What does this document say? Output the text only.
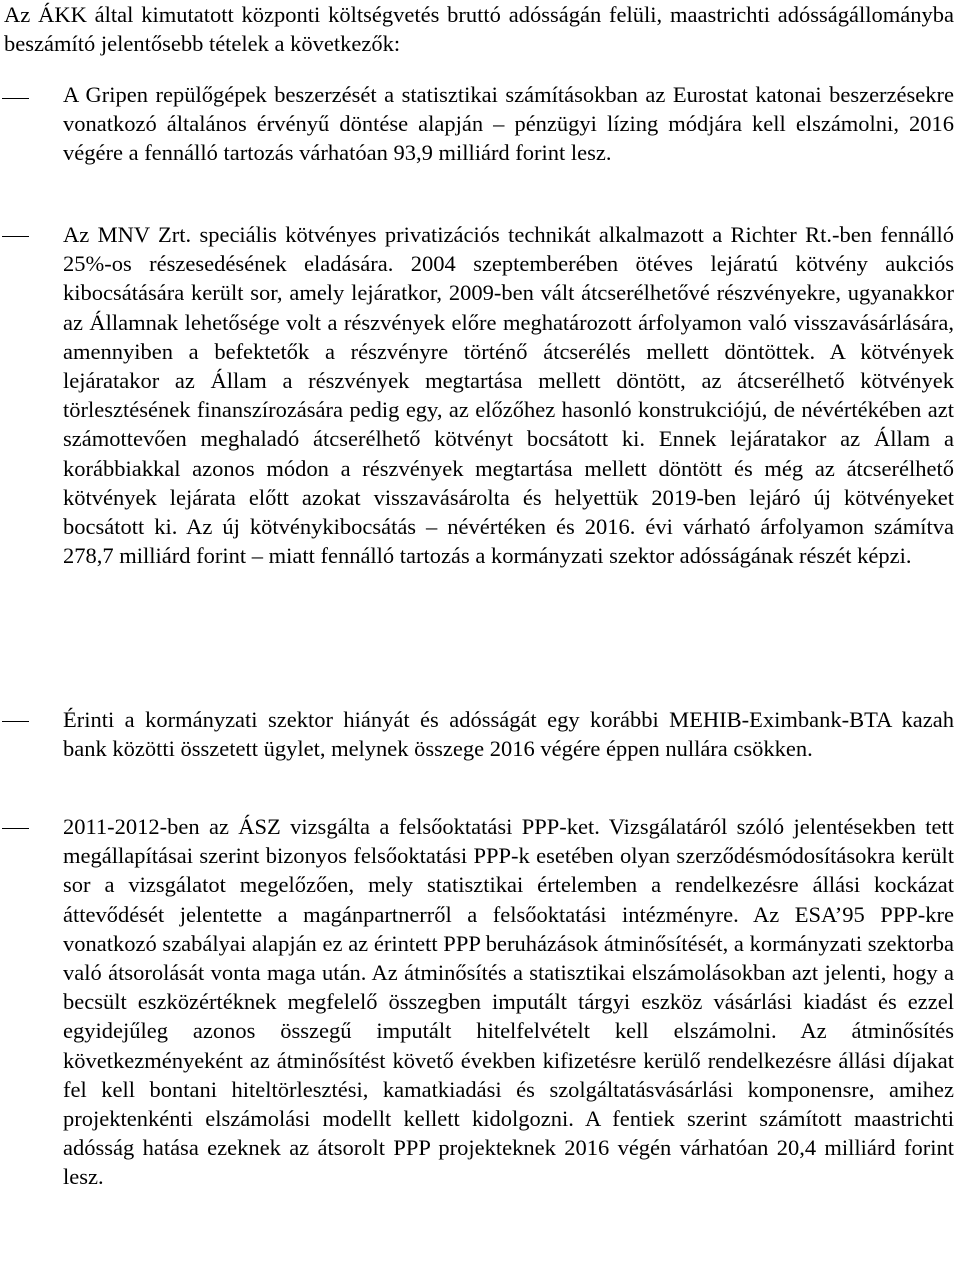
Az ÁKK által kimutatott központi költségvetés bruttó adósságán felüli, maastrichti adósságállományba beszámító jelentősebb tételek a következők:

A Gripen repülőgépek beszerzését a statisztikai számításokban az Eurostat katonai beszerzésekre vonatkozó általános érvényű döntése alapján – pénzügyi lízing módjára kell elszámolni, 2016 végére a fennálló tartozás várhatóan 93,9 milliárd forint lesz.

Az MNV Zrt. speciális kötvényes privatizációs technikát alkalmazott a Richter Rt.-ben fennálló 25%-os részesedésének eladására. 2004 szeptemberében ötéves lejáratú kötvény aukciós kibocsátására került sor, amely lejáratkor, 2009-ben vált átcserélhetővé részvényekre, ugyanakkor az Államnak lehetősége volt a részvények előre meghatározott árfolyamon való visszavásárlására, amennyiben a befektetők a részvényre történő átcserélés mellett döntöttek. A kötvények lejáratakor az Állam a részvények megtartása mellett döntött, az átcserélhető kötvények törlesztésének finanszírozására pedig egy, az előzőhez hasonló konstrukciójú, de névértékében azt számottevően meghaladó átcserélhető kötvényt bocsátott ki. Ennek lejáratakor az Állam a korábbiakkal azonos módon a részvények megtartása mellett döntött és még az átcserélhető kötvények lejárata előtt azokat visszavásárolta és helyettük 2019-ben lejáró új kötvényeket bocsátott ki. Az új kötvénykibocsátás – névértéken és 2016. évi várható árfolyamon számítva 278,7 milliárd forint – miatt fennálló tartozás a kormányzati szektor adósságának részét képzi.

Érinti a kormányzati szektor hiányát és adósságát egy korábbi MEHIB-Eximbank-BTA kazah bank közötti összetett ügylet, melynek összege 2016 végére éppen nullára csökken.

2011-2012-ben az ÁSZ vizsgálta a felsőoktatási PPP-ket. Vizsgálatáról szóló jelentésekben tett megállapításai szerint bizonyos felsőoktatási PPP-k esetében olyan szerződésmódosításokra került sor a vizsgálatot megelőzően, mely statisztikai értelemben a rendelkezésre állási kockázat áttevődését jelentette a magánpartnerről a felsőoktatási intézményre. Az ESA’95 PPP-kre vonatkozó szabályai alapján ez az érintett PPP beruházások átminősítését, a kormányzati szektorba való átsorolását vonta maga után. Az átminősítés a statisztikai elszámolásokban azt jelenti, hogy a becsült eszközértéknek megfelelő összegben imputált tárgyi eszköz vásárlási kiadást és ezzel egyidejűleg azonos összegű imputált hitelfelvételt kell elszámolni. Az átminősítés következményeként az átminősítést követő években kifizetésre kerülő rendelkezésre állási díjakat fel kell bontani hiteltörlesztési, kamatkiadási és szolgáltatásvásárlási komponensre, amihez projektenkénti elszámolási modellt kellett kidolgozni. A fentiek szerint számított maastrichti adósság hatása ezeknek az átsorolt PPP projekteknek 2016 végén várhatóan 20,4 milliárd forint lesz.
